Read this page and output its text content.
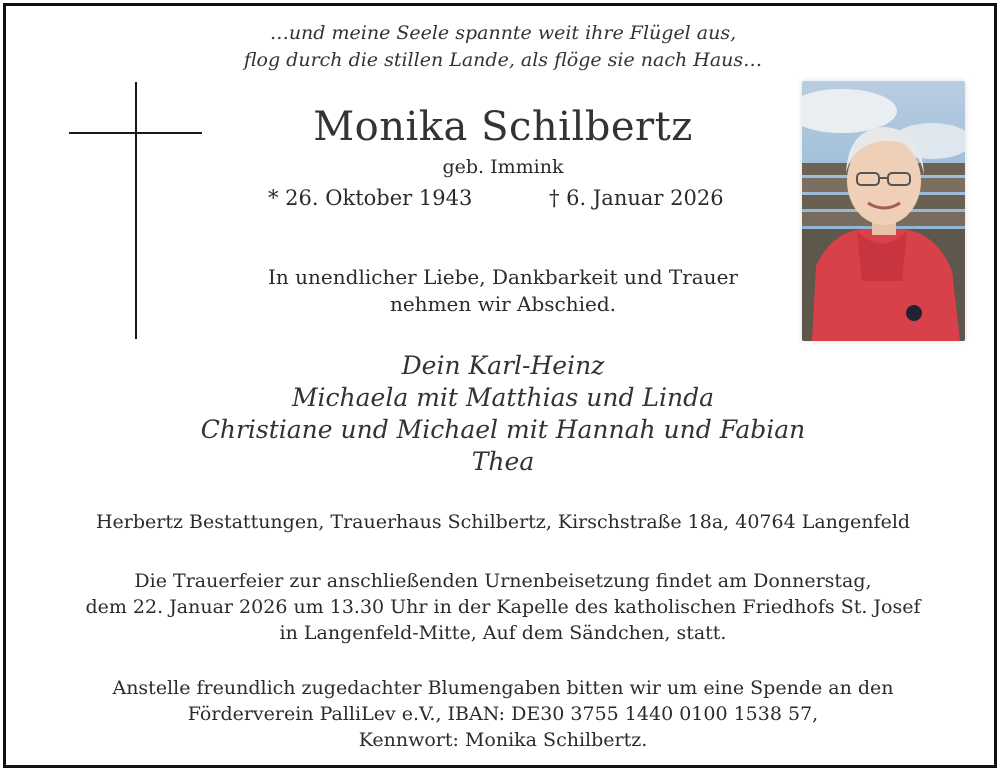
…und meine Seele spannte weit ihre Flügel aus,
flog durch die stillen Lande, als flöge sie nach Haus…
Monika Schilbertz
geb. Immink
* 26. Oktober 1943	† 6. Januar 2026
In unendlicher Liebe, Dankbarkeit und Trauer
nehmen wir Abschied.
Dein Karl-Heinz
Michaela mit Matthias und Linda
Christiane und Michael mit Hannah und Fabian
Thea
Herbertz Bestattungen, Trauerhaus Schilbertz, Kirschstraße 18a, 40764 Langenfeld
Die Trauerfeier zur anschließenden Urnenbeisetzung findet am Donnerstag,
dem 22. Januar 2026 um 13.30 Uhr in der Kapelle des katholischen Friedhofs St. Josef
in Langenfeld-Mitte, Auf dem Sändchen, statt.
Anstelle freundlich zugedachter Blumengaben bitten wir um eine Spende an den
Förderverein PalliLev e.V., IBAN: DE30 3755 1440 0100 1538 57,
Kennwort: Monika Schilbertz.
